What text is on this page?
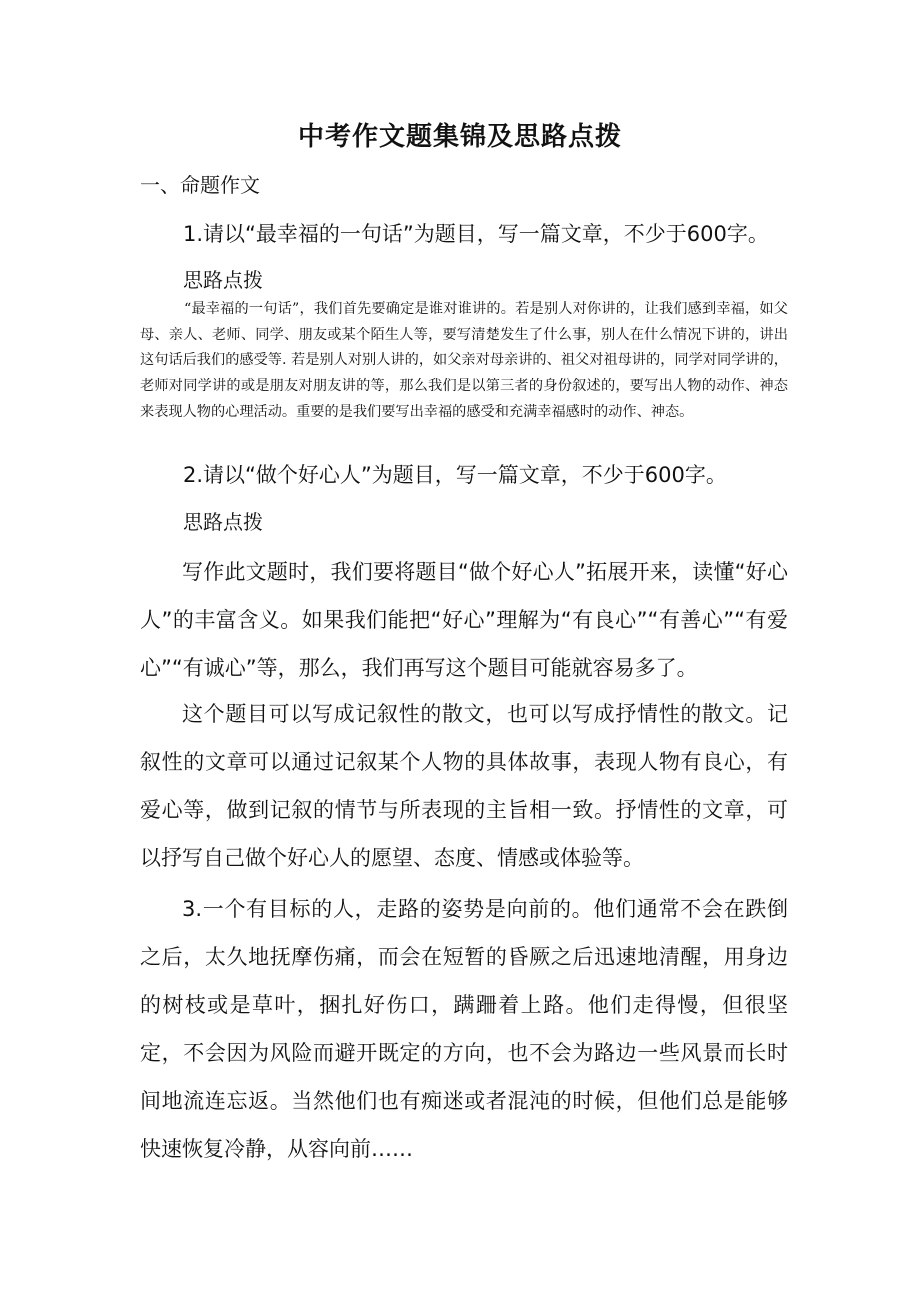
中考作文题集锦及思路点拨
一、命题作文
1.请以“最幸福的一句话”为题目，写一篇文章，不少于600字。
思路点拨
“最幸福的一句话”，我们首先要确定是谁对谁讲的。若是别人对你讲的，让我们感到幸福，如父母、亲人、老师、同学、朋友或某个陌生人等，要写清楚发生了什么事，别人在什么情况下讲的，讲出这句话后我们的感受等. 若是别人对别人讲的，如父亲对母亲讲的、祖父对祖母讲的，同学对同学讲的，老师对同学讲的或是朋友对朋友讲的等，那么我们是以第三者的身份叙述的，要写出人物的动作、神态来表现人物的心理活动。重要的是我们要写出幸福的感受和充满幸福感时的动作、神态。
2.请以“做个好心人”为题目，写一篇文章，不少于600字。
思路点拨
写作此文题时，我们要将题目“做个好心人”拓展开来，读懂“好心人”的丰富含义。如果我们能把“好心”理解为“有良心”“有善心”“有爱心”“有诚心”等，那么，我们再写这个题目可能就容易多了。
这个题目可以写成记叙性的散文，也可以写成抒情性的散文。记叙性的文章可以通过记叙某个人物的具体故事，表现人物有良心，有爱心等，做到记叙的情节与所表现的主旨相一致。抒情性的文章，可以抒写自己做个好心人的愿望、态度、情感或体验等。
3.一个有目标的人，走路的姿势是向前的。他们通常不会在跌倒之后，太久地抚摩伤痛，而会在短暂的昏厥之后迅速地清醒，用身边的树枝或是草叶，捆扎好伤口，蹒跚着上路。他们走得慢，但很坚定，不会因为风险而避开既定的方向，也不会为路边一些风景而长时间地流连忘返。当然他们也有痴迷或者混沌的时候，但他们总是能够快速恢复冷静，从容向前……
